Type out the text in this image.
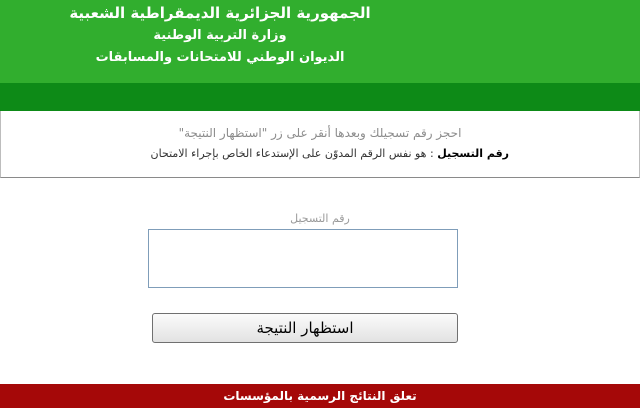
الجمهورية الجزائرية الديمقراطية الشعبية
وزارة التربية الوطنية
الديوان الوطني للامتحانات والمسابقات
احجز رقم تسجيلك وبعدها أنقر على زر "استظهار النتيجة"
رقم التسجيل : هو نفس الرقم المدوّن على الإستدعاء الخاص بإجراء الامتحان
رقم التسجيل
استظهار النتيجة
تعلق النتائج الرسمية بالمؤسسات
